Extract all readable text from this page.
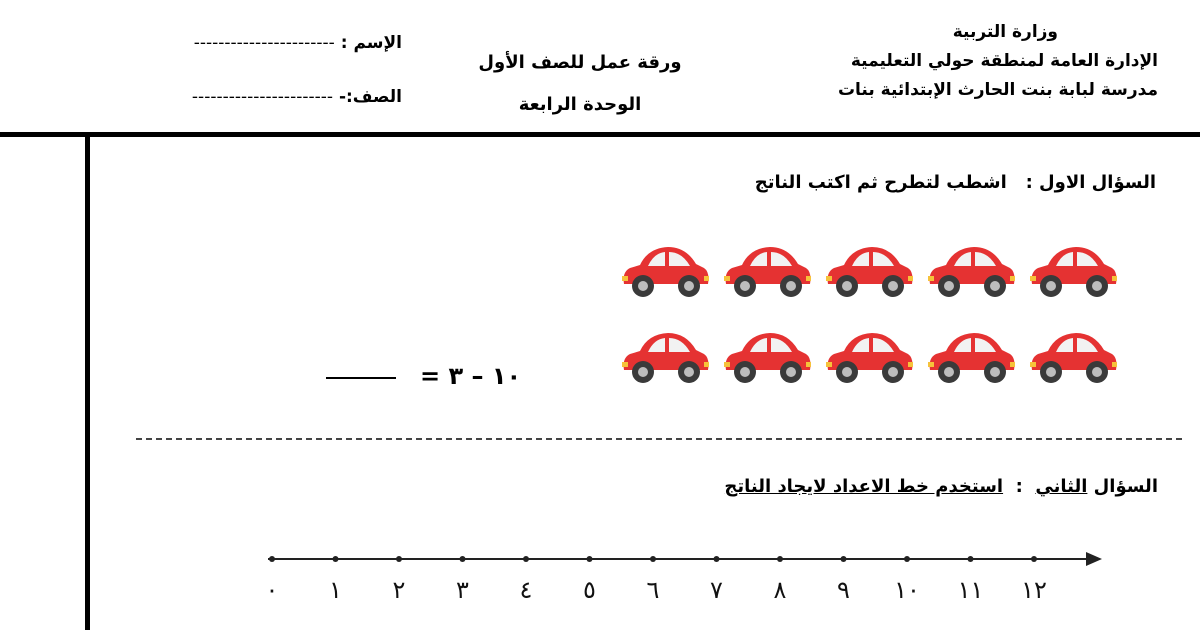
وزارة التربية
الإدارة العامة لمنطقة حولي التعليمية
مدرسة لبابة بنت الحارث الإبتدائية بنات
ورقة عمل للصف الأول
الوحدة الرابعة
الإسم : -----------------------
الصف:- -----------------------
السؤال الاول :   اشطب لتطرح ثم اكتب الناتج
١٠ – ٣ =
السؤال الثاني  :  استخدم خط الاعداد لايجاد الناتج
٠ ١ ٢ ٣ ٤ ٥ ٦ ٧ ٨ ٩ ١٠ ١١ ١٢
